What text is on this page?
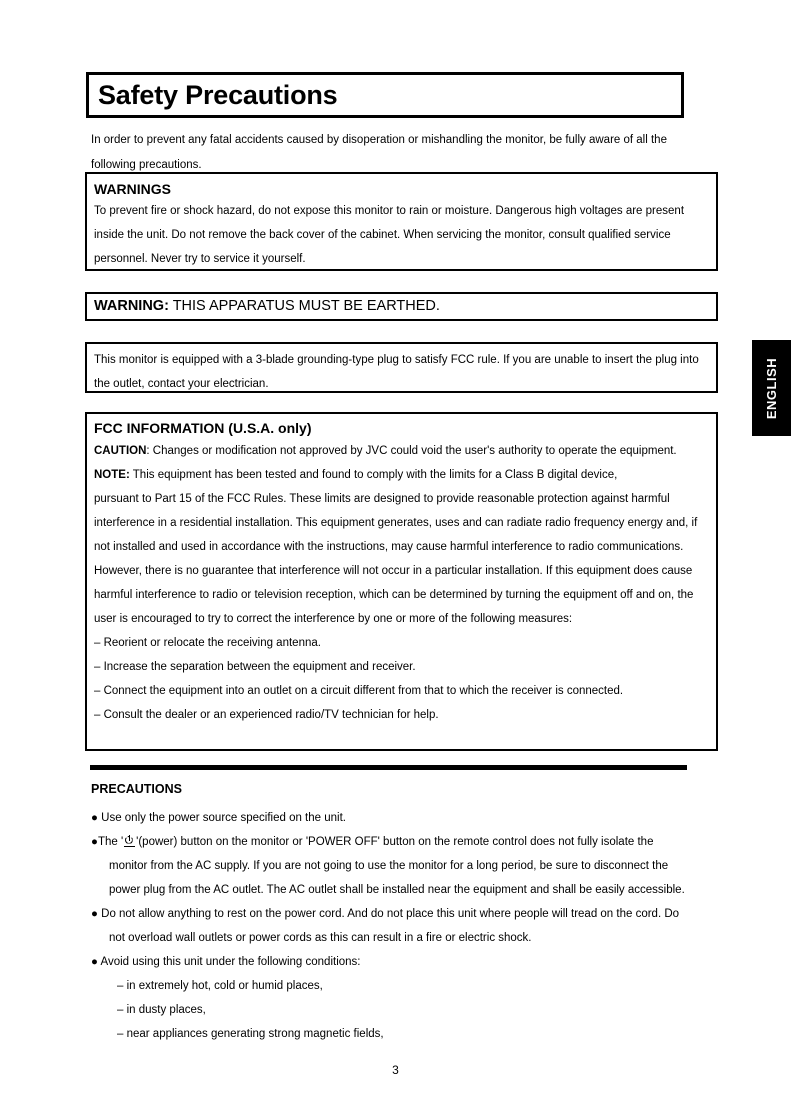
Safety Precautions
In order to prevent any fatal accidents caused by disoperation or mishandling the monitor, be fully aware of all the following precautions.
WARNINGS
To prevent fire or shock hazard, do not expose this monitor to rain or moisture. Dangerous high voltages are present inside the unit. Do not remove the back cover of the cabinet. When servicing the monitor, consult qualified service personnel. Never try to service it yourself.
WARNING: THIS APPARATUS MUST BE EARTHED.
This monitor is equipped with a 3-blade grounding-type plug to satisfy FCC rule. If you are unable to insert the plug into the outlet, contact your electrician.
FCC INFORMATION (U.S.A. only)
CAUTION: Changes or modification not approved by JVC could void the user's authority to operate the equipment.
NOTE: This equipment has been tested and found to comply with the limits for a Class B digital device,
pursuant to Part 15 of the FCC Rules. These limits are designed to provide reasonable protection against harmful interference in a residential installation. This equipment generates, uses and can radiate radio frequency energy and, if not installed and used in accordance with the instructions, may cause harmful interference to radio communications. However, there is no guarantee that interference will not occur in a particular installation. If this equipment does cause harmful interference to radio or television reception, which can be determined by turning the equipment off and on, the user is encouraged to try to correct the interference by one or more of the following measures:
– Reorient or relocate the receiving antenna.
– Increase the separation between the equipment and receiver.
– Connect the equipment into an outlet on a circuit different from that to which the receiver is connected.
– Consult the dealer or an experienced radio/TV technician for help.
PRECAUTIONS
● Use only the power source specified on the unit.
●The ' '(power) button on the monitor or 'POWER OFF' button on the remote control does not fully isolate the
monitor from the AC supply. If you are not going to use the monitor for a long period, be sure to disconnect the
power plug from the AC outlet. The AC outlet shall be installed near the equipment and shall be easily accessible.
● Do not allow anything to rest on the power cord. And do not place this unit where people will tread on the cord. Do
not overload wall outlets or power cords as this can result in a fire or electric shock.
● Avoid using this unit under the following conditions:
– in extremely hot, cold or humid places,
– in dusty places,
– near appliances generating strong magnetic fields,
ENGLISH
3
